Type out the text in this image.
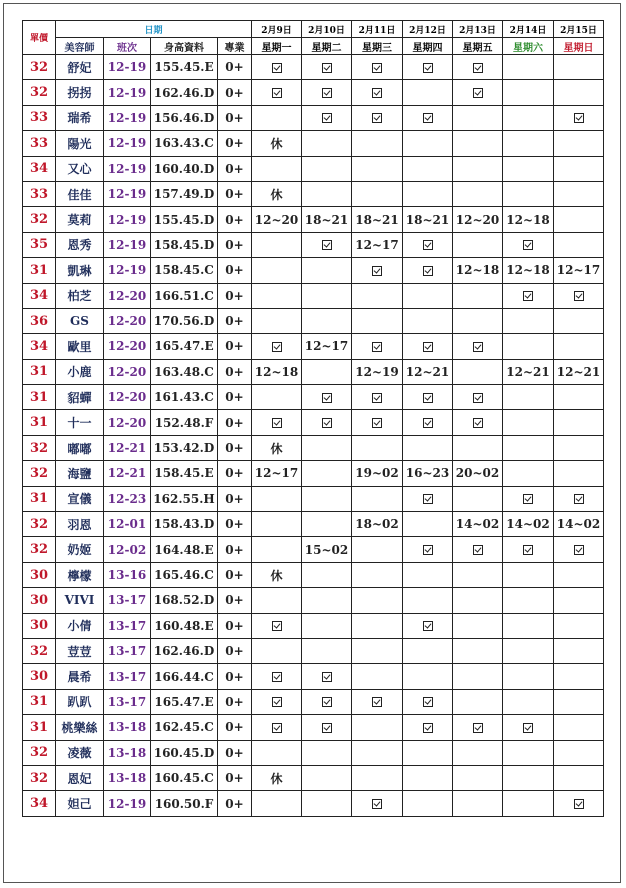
單價	日期				2月9日	2月10日	2月11日	2月12日	2月13日	2月14日	2月15日
	美容師	班次	身高資料	專業	星期一	星期二	星期三	星期四	星期五	星期六	星期日
32	舒妃	12-19	155.45.E	0+							
32	拐拐	12-19	162.46.D	0+							
33	瑞希	12-19	156.46.D	0+							
33	陽光	12-19	163.43.C	0+	休						
34	又心	12-19	160.40.D	0+							
33	佳佳	12-19	157.49.D	0+	休						
32	莫莉	12-19	155.45.D	0+	12~20	18~21	18~21	18~21	12~20	12~18	
35	恩秀	12-19	158.45.D	0+			12~17				
31	凱琳	12-19	158.45.C	0+					12~18	12~18	12~17
34	柏芝	12-20	166.51.C	0+							
36	GS	12-20	170.56.D	0+							
34	歐里	12-20	165.47.E	0+		12~17					
31	小鹿	12-20	163.48.C	0+	12~18		12~19	12~21		12~21	12~21
31	貂蟬	12-20	161.43.C	0+							
31	十一	12-20	152.48.F	0+							
32	嘟嘟	12-21	153.42.D	0+	休						
32	海鹽	12-21	158.45.E	0+	12~17		19~02	16~23	20~02		
31	宣儀	12-23	162.55.H	0+							
32	羽恩	12-01	158.43.D	0+			18~02		14~02	14~02	14~02
32	奶姬	12-02	164.48.E	0+		15~02					
30	檸檬	13-16	165.46.C	0+	休						
30	VIVI	13-17	168.52.D	0+							
30	小倩	13-17	160.48.E	0+							
32	荳荳	13-17	162.46.D	0+							
30	晨希	13-17	166.44.C	0+							
31	趴趴	13-17	165.47.E	0+							
31	桃樂絲	13-18	162.45.C	0+							
32	凌薇	13-18	160.45.D	0+							
32	恩妃	13-18	160.45.C	0+	休						
34	妲己	12-19	160.50.F	0+							
